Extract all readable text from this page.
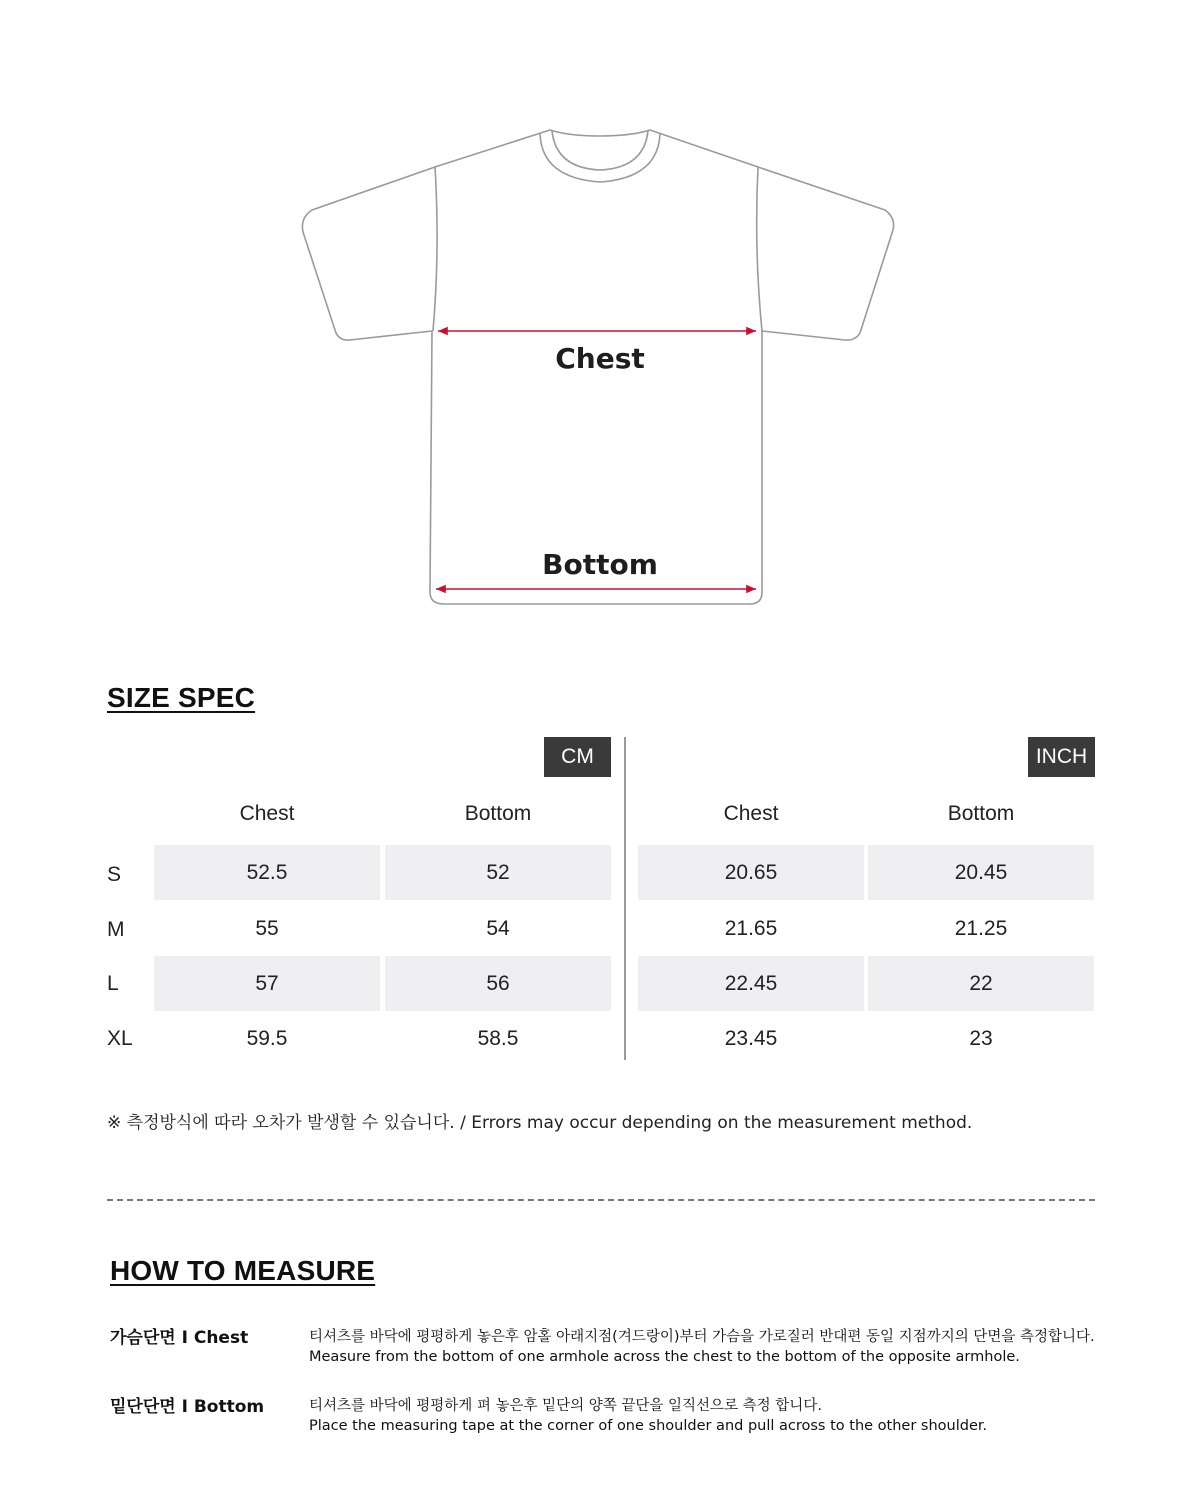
Chest
Bottom
SIZE SPEC
CM	INCH
Chest	Bottom	Chest	Bottom
S	52.5	52	20.65	20.45
M	55	54	21.65	21.25
L	57	56	22.45	22
XL	59.5	58.5	23.45	23
※ 측정방식에 따라 오차가 발생할 수 있습니다. / Errors may occur depending on the measurement method.
HOW TO MEASURE
가슴단면 I Chest	티셔츠를 바닥에 평평하게 놓은후 암홀 아래지점(겨드랑이)부터 가슴을 가로질러 반대편 동일 지점까지의 단면을 측정합니다.
Measure from the bottom of one armhole across the chest to the bottom of the opposite armhole.
밑단단면 I Bottom	티셔츠를 바닥에 평평하게 펴 놓은후 밑단의 양쪽 끝단을 일직선으로 측정 합니다.
Place the measuring tape at the corner of one shoulder and pull across to the other shoulder.
